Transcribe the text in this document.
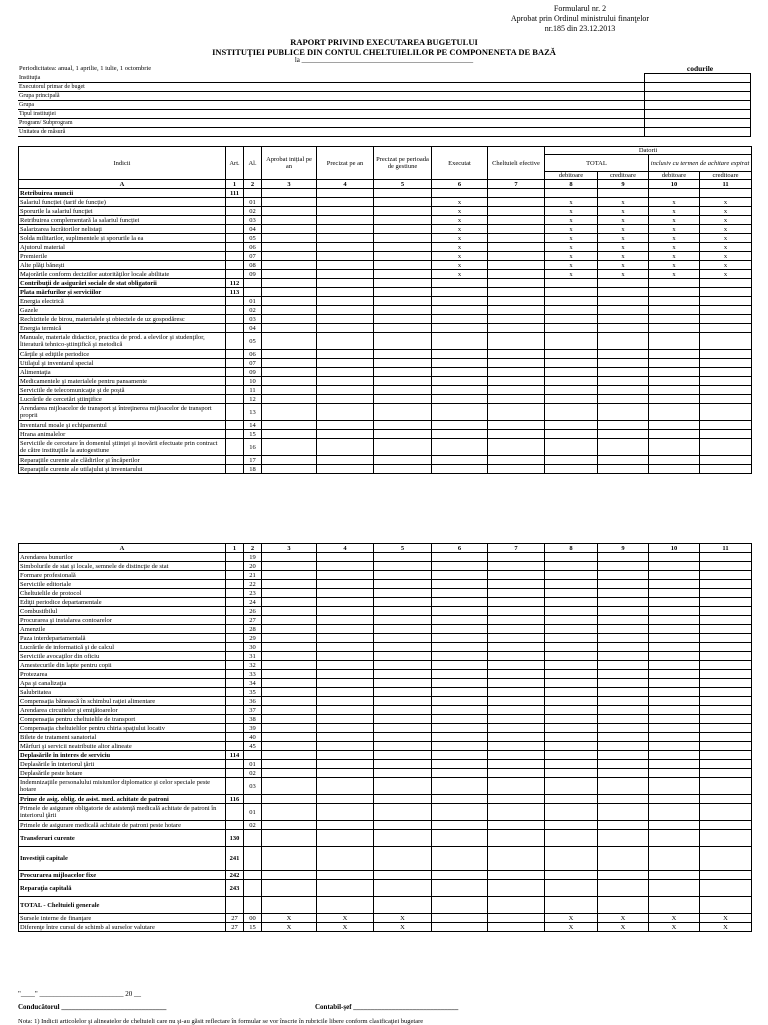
Formularul nr. 2
Aprobat prin Ordinul ministrului finanţelor
nr.185 din 23.12.2013
RAPORT PRIVIND EXECUTAREA BUGETULUI
INSTITUŢIEI PUBLICE DIN CONTUL CHELTUIELILOR PE COMPONENETA DE BAZĂ
la _________________________________________________
Periodicitatea: anual, 1 aprilie, 1 iulie, 1 octombrie	codurile
Instituţia	
Executorul primar de buget	
Grupa principală	
Grupa	
Tipul instituţiei	
Program/ Subprogram	
Unitatea de măsură	
Indicii	Art.	Al.	Aprobat inițial pe an	Precizat pe an	Precizat pe perioada de gestiune	Executat	Cheltuieli efective	Datorii			
								TOTAL		inclusiv cu termen de achitare expirat	
								debitoare	creditoare	debitoare	creditoare
A	1	2	3	4	5	6	7	8	9	10	11
Retribuirea muncii	111										
Salariul funcției (tarif de funcție)		01				x		x	x	x	x
Sporurile la salariul funcţiei		02				x		x	x	x	x
Retribuirea complementară la salariul funcției		03				x		x	x	x	x
Salarizarea lucrătorilor nelistaţi		04				x		x	x	x	x
Solda militarilor, suplimentele și sporurile la ea		05				x		x	x	x	x
Ajutorul material		06				x		x	x	x	x
Premierile		07				x		x	x	x	x
Alte plăţi băneşti		08				x		x	x	x	x
Majorările conform deciziilor autorităţilor locale abilitate		09				x		x	x	x	x
Contribuţii de asigurări sociale de stat obligatorii	112										
Plata mărfurilor și serviciilor	113										
Energia electrică		01									
Gazele		02									
Rechizitele de birou, materialele şi obiectele de uz gospodăresc		03									
Energia termică		04									
Manuale, materiale didactice, practica de prod. a elevilor şi studenţilor, literatură tehnico-ştiinţifică şi metodică		05									
Cărţile şi ediţiile periodice		06									
Utilajul şi inventarul special		07									
Alimentaţia		09									
Medicamentele şi materialele pentru pansamente		10									
Serviciile de telecomunicaţie şi de poştă		11									
Lucrările de cercetări ştiinţifice		12									
Arendarea mijloacelor de transport şi întreţinerea mijloacelor de transport proprii		13									
Inventarul moale şi echipamentul		14									
Hrana animalelor		15									
Serviciile de cercetare în domeniul ştiinţei şi inovării efectuate prin contract de către instituţiile la autogestiune		16									
Reparaţiile curente ale clădirilor şi încăperilor		17									
Reparaţiile curente ale utilajului şi inventarului		18									
A	1	2	3	4	5	6	7	8	9	10	11
Arendarea bunurilor		19									
Simbolurile de stat şi locale, semnele de distincţie de stat		20									
Formare profesională		21									
Serviciile editoriale		22									
Cheltuielile de protocol		23									
Ediţii periodice departamentale		24									
Combustibilul		26									
Procurarea şi instalarea contoarelor		27									
Amenzile		28									
Paza interdepartamentală		29									
Lucrările de informatică şi de calcul		30									
Serviciile avocaţilor din oficiu		31									
Amestecurile din lapte pentru copii		32									
Protezarea		33									
Apa şi canalizaţia		34									
Salubritatea		35									
Compensaţia bănească în schimbul raţiei alimentare		36									
Arendarea circuitelor şi emiţătoarelor		37									
Compensaţia pentru cheltuielile de transport		38									
Compensaţia cheltuielilor pentru chiria spaţiului locativ		39									
Bilete de tratament sanatorial		40									
Mărfuri şi servicii neatribuite altor alineate		45									
Deplasările în interes de serviciu	114										
Deplasările în interiorul ţării		01									
Deplasările peste hotare		02									
Indemnizaţiile personalului misiunilor diplomatice şi celor speciale peste hotare		03									
Prime de asig. oblig. de asist. med. achitate de patroni	116										
Primele de asigurare obligatorie de asistenţă medicală achitate de patroni în interiorul ţării		01									
Primele de asigurare medicală achitate de patroni peste hotare		02									
Transferuri curente	130										
Investiţii capitale	241										
Procurarea mijloacelor fixe	242										
Reparaţia capitală	243										
TOTAL - Cheltuieli generale											
Sursele interne de finanţare	27	00	X	X	X			X	X	X	X
Diferenţe între cursul de schimb al surselor valutare	27	15	X	X	X			X	X	X	X
"____" ________________________ 20 __
Conducătorul ______________________________	Contabil-şef ______________________________
Nota: 1) Indicii articolelor şi alineatelor de cheltuieli care nu şi-au găsit reflectare în formular se vor înscrie în rubricile libere conform clasificaţiei bugetare
